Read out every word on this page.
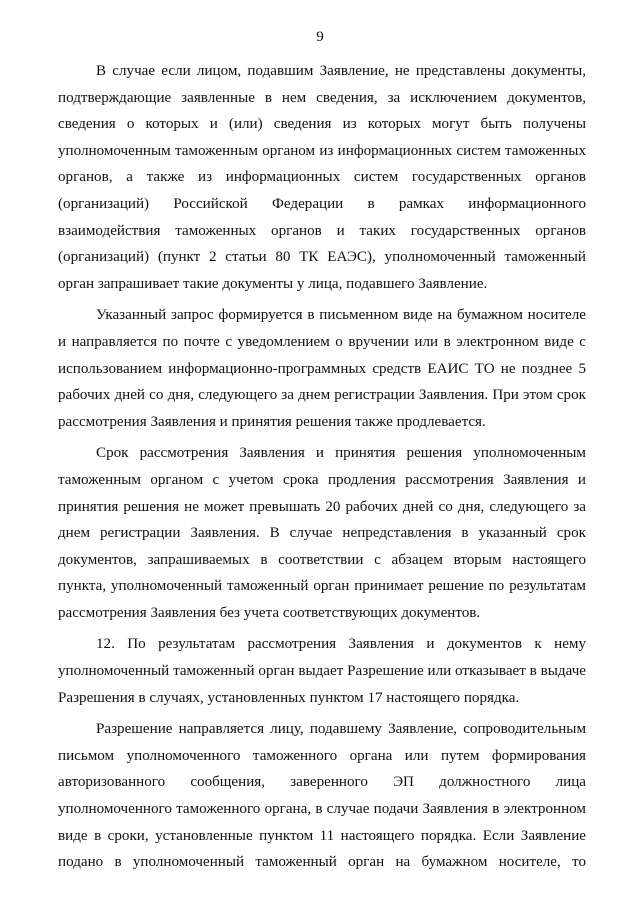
9

В случае если лицом, подавшим Заявление, не представлены документы, подтверждающие заявленные в нем сведения, за исключением документов, сведения о которых и (или) сведения из которых могут быть получены уполномоченным таможенным органом из информационных систем таможенных органов, а также из информационных систем государственных органов (организаций) Российской Федерации в рамках информационного взаимодействия таможенных органов и таких государственных органов (организаций) (пункт 2 статьи 80 ТК ЕАЭС), уполномоченный таможенный орган запрашивает такие документы у лица, подавшего Заявление.

Указанный запрос формируется в письменном виде на бумажном носителе и направляется по почте с уведомлением о вручении или в электронном виде с использованием информационно-программных средств ЕАИС ТО не позднее 5 рабочих дней со дня, следующего за днем регистрации Заявления. При этом срок рассмотрения Заявления и принятия решения также продлевается.

Срок рассмотрения Заявления и принятия решения уполномоченным таможенным органом с учетом срока продления рассмотрения Заявления и принятия решения не может превышать 20 рабочих дней со дня, следующего за днем регистрации Заявления. В случае непредставления в указанный срок документов, запрашиваемых в соответствии с абзацем вторым настоящего пункта, уполномоченный таможенный орган принимает решение по результатам рассмотрения Заявления без учета соответствующих документов.

12. По результатам рассмотрения Заявления и документов к нему уполномоченный таможенный орган выдает Разрешение или отказывает в выдаче Разрешения в случаях, установленных пунктом 17 настоящего порядка.

Разрешение направляется лицу, подавшему Заявление, сопроводительным письмом уполномоченного таможенного органа или путем формирования авторизованного сообщения, заверенного ЭП должностного лица уполномоченного таможенного органа, в случае подачи Заявления в электронном виде в сроки, установленные пунктом 11 настоящего порядка. Если Заявление подано в уполномоченный таможенный орган на бумажном носителе, то
